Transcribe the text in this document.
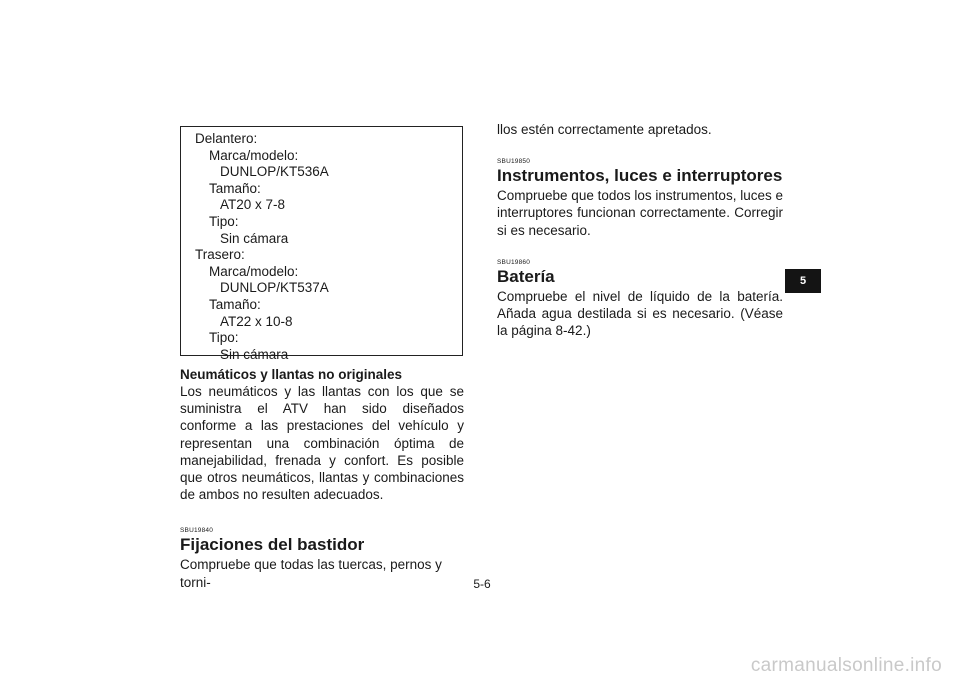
Delantero:
Marca/modelo:
DUNLOP/KT536A
Tamaño:
AT20 x 7-8
Tipo:
Sin cámara
Trasero:
Marca/modelo:
DUNLOP/KT537A
Tamaño:
AT22 x 10-8
Tipo:
Sin cámara

Neumáticos y llantas no originales

Los neumáticos y las llantas con los que se suministra el ATV han sido diseñados conforme a las prestaciones del vehículo y representan una combinación óptima de manejabilidad, frenada y confort. Es posible que otros neumáticos, llantas y combinaciones de ambos no resulten adecuados.

SBU19840

Fijaciones del bastidor

Compruebe que todas las tuercas, pernos y torni-

llos estén correctamente apretados.

SBU19850

Instrumentos, luces e interruptores

Compruebe que todos los instrumentos, luces e interruptores funcionan correctamente. Corregir si es necesario.

SBU19860

Batería

Compruebe el nivel de líquido de la batería. Añada agua destilada si es necesario. (Véase la página 8-42.)

5-6
5
carmanualsonline.info
